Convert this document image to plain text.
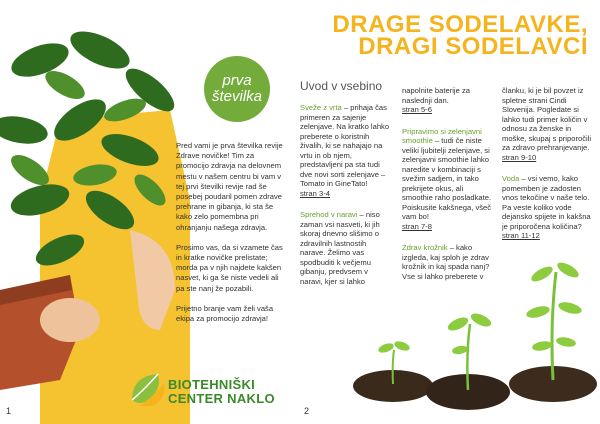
prva
številka

Pred vami je prva številka revije Zdrave novičke! Tim za promocijo zdravja na delovnem mestu v našem centru bi vam v tej prvi številki revije rad še posebej poudaril pomen zdrave prehrane in gibanja, ki sta še kako zelo pomembna pri ohranjanju našega zdravja.

Prosimo vas, da si vzamete čas in kratke novičke prelistate; morda pa v njih najdete kakšen nasvet, ki ga še niste vedeli ali pa ste nanj že pozabili.

Prijetno branje vam želi vaša ekipa za promocijo zdravja!

BIOTEHNIŠKI
CENTER NAKLO
1
DRAGE SODELAVKE,
DRAGI SODELAVCI
Uvod v vsebino
Sveže z vrta – prihaja čas primeren za sajenje zelenjave. Na kratko lahko preberete o koristnih živalih, ki se nahajajo na vrtu in ob njem, predstavljeni pa sta tudi dve novi sorti zelenjave – Tomato in GineTato!
stran 3-4
Sprehod v naravi – niso zaman vsi nasveti, ki jih skoraj dnevno slišimo o zdravilnih lastnostih narave. Želimo vas spodbuditi k večjemu gibanju, predvsem v naravi, kjer si lahko
napolnite baterije za naslednji dan.
stran 5-6
Pripravimo si zelenjavni smoothie – tudi če niste veliki ljubitelji zelenjave, si zelenjavni smoothie lahko naredite v kombinaciji s svežim sadjem, in tako prekrijete okus, ali smoothie raho posladkate. Poiskusite kakšnega, všeč vam bo!
stran 7-8
Zdrav krožnik – kako izgleda, kaj sploh je zdrav krožnik in kaj spada nanj? Vse si lahko preberete v
članku, ki je bil povzet iz spletne strani Cindi Slovenija. Pogledate si lahko tudi primer količin v odnosu za ženske in moške, skupaj s priporočili za zdravo prehranjevanje.
stran 9-10
Voda – vsi vemo, kako pomemben je zadosten vnos tekočine v naše telo. Pa veste koliko vode dejansko spijete in kakšna je priporočena količina?
stran 11-12
2
